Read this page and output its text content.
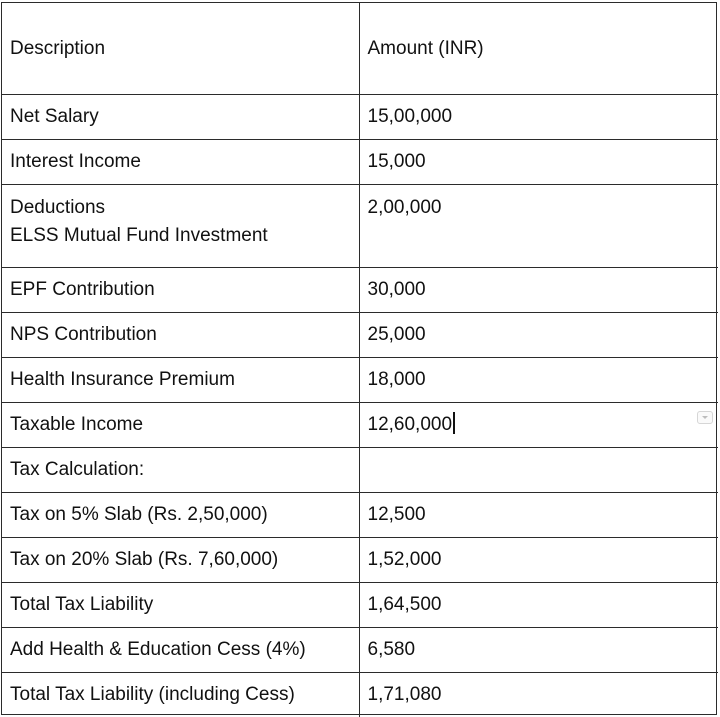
Description	Amount (INR)
Net Salary	15,00,000
Interest Income	15,000

Deductions
ELSS Mutual Fund Investment	2,00,000
EPF Contribution	30,000
NPS Contribution	25,000
Health Insurance Premium	18,000
Taxable Income	12,60,000

Tax Calculation:	
Tax on 5% Slab (Rs. 2,50,000)	12,500
Tax on 20% Slab (Rs. 7,60,000)	1,52,000
Total Tax Liability	1,64,500
Add Health & Education Cess (4%)	6,580
Total Tax Liability (including Cess)	1,71,080
